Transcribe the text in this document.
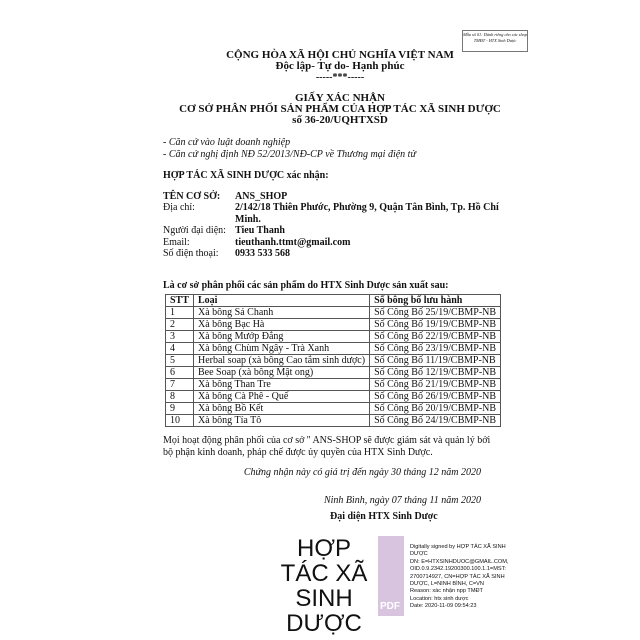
Mẫu số 01: Dành riêng cho các shop TMĐT - HTX Sinh Dược
CỘNG HÒA XÃ HỘI CHỦ NGHĨA VIỆT NAM
Độc lập- Tự do- Hạnh phúc
-----***-----
GIẤY XÁC NHẬN
CƠ SỞ PHÂN PHỐI SẢN PHẨM CỦA HỢP TÁC XÃ SINH DƯỢC
số 36-20/UQHTXSD
- Căn cứ vào luật doanh nghiệp
- Căn cứ nghị định NĐ 52/2013/NĐ-CP về Thương mại điện tử
HỢP TÁC XÃ SINH DƯỢC xác nhận:
TÊN CƠ SỞ:	ANS_SHOP
Địa chỉ:	2/142/18 Thiên Phước, Phường 9, Quận Tân Bình, Tp. Hồ Chí
Minh.
Người đại diện: Tieu Thanh
Email:	tieuthanh.ttmt@gmail.com
Số điện thoại:	0933 533 568
Là cơ sở phân phối các sản phẩm do HTX Sinh Dược sản xuất sau:
STT	Loại	Số bông bố lưu hành
1	Xà bông Sả Chanh	Số Công Bố 25/19/CBMP-NB
2	Xà bông Bạc Hà	Số Công Bố 19/19/CBMP-NB
3	Xà bông Mướp Đắng	Số Công Bố 22/19/CBMP-NB
4	Xà bông Chùm Ngây - Trà Xanh	Số Công Bố 23/19/CBMP-NB
5	Herbal soap (xà bông Cao tắm sinh dược)	Số Công Bố 11/19/CBMP-NB
6	Bee Soap (xà bông Mật ong)	Số Công Bố 12/19/CBMP-NB
7	Xà bông Than Tre	Số Công Bố 21/19/CBMP-NB
8	Xà bông Cà Phê - Quế	Số Công Bố 26/19/CBMP-NB
9	Xà bông Bồ Kết	Số Công Bố 20/19/CBMP-NB
10	Xà bông Tía Tô	Số Công Bố 24/19/CBMP-NB
Mọi hoạt động phân phối của cơ sở '' ANS-SHOP sẽ được giám sát và quản lý bởi
bộ phận kinh doanh, pháp chế được ủy quyền của HTX Sinh Dược.
Chứng nhận này có giá trị đến ngày 30 tháng 12 năm 2020
Ninh Bình, ngày 07 tháng 11 năm 2020
Đại diện HTX Sinh Dược
HỢP TÁC XÃ SINH DƯỢC
PDF
Digitally signed by HỢP TÁC XÃ SINH
DƯỢC
DN: E=HTXSINHDUOC@GMAIL.COM,
OID.0.9.2342.19200300.100.1.1=MST:
2700714927, CN=HỢP TÁC XÃ SINH
DƯỢC, L=NINH BÌNH, C=VN
Reason: xác nhận npp TMĐT
Location: htx sinh dược
Date: 2020-11-09 09:54:23
